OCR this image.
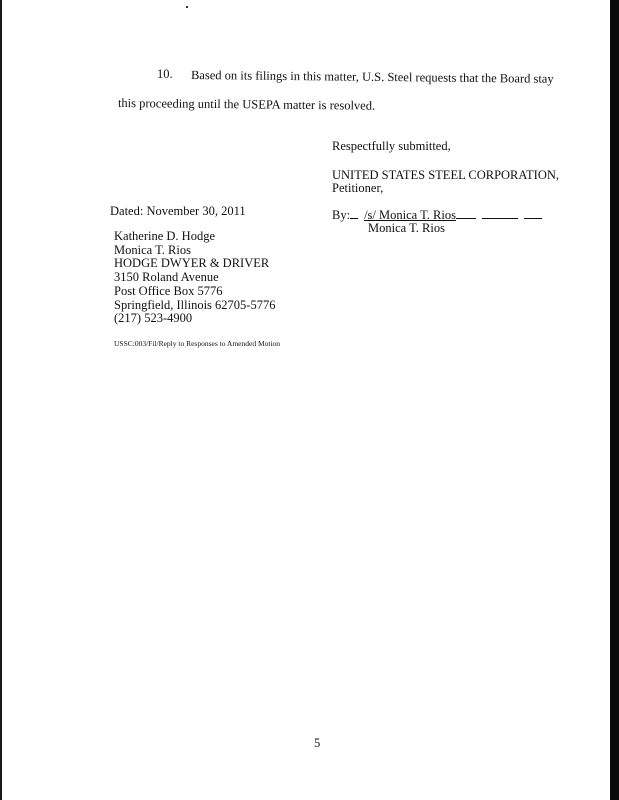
10. Based on its filings in this matter, U.S. Steel requests that the Board stay
this proceeding until the USEPA matter is resolved.
Respectfully submitted,
UNITED STATES STEEL CORPORATION,
Petitioner,
By: /s/ Monica T. Rios
Monica T. Rios
Dated: November 30, 2011
Katherine D. Hodge
Monica T. Rios
HODGE DWYER & DRIVER
3150 Roland Avenue
Post Office Box 5776
Springfield, Illinois 62705-5776
(217) 523-4900
USSC:003/Fil/Reply to Responses to Amended Motion
5
